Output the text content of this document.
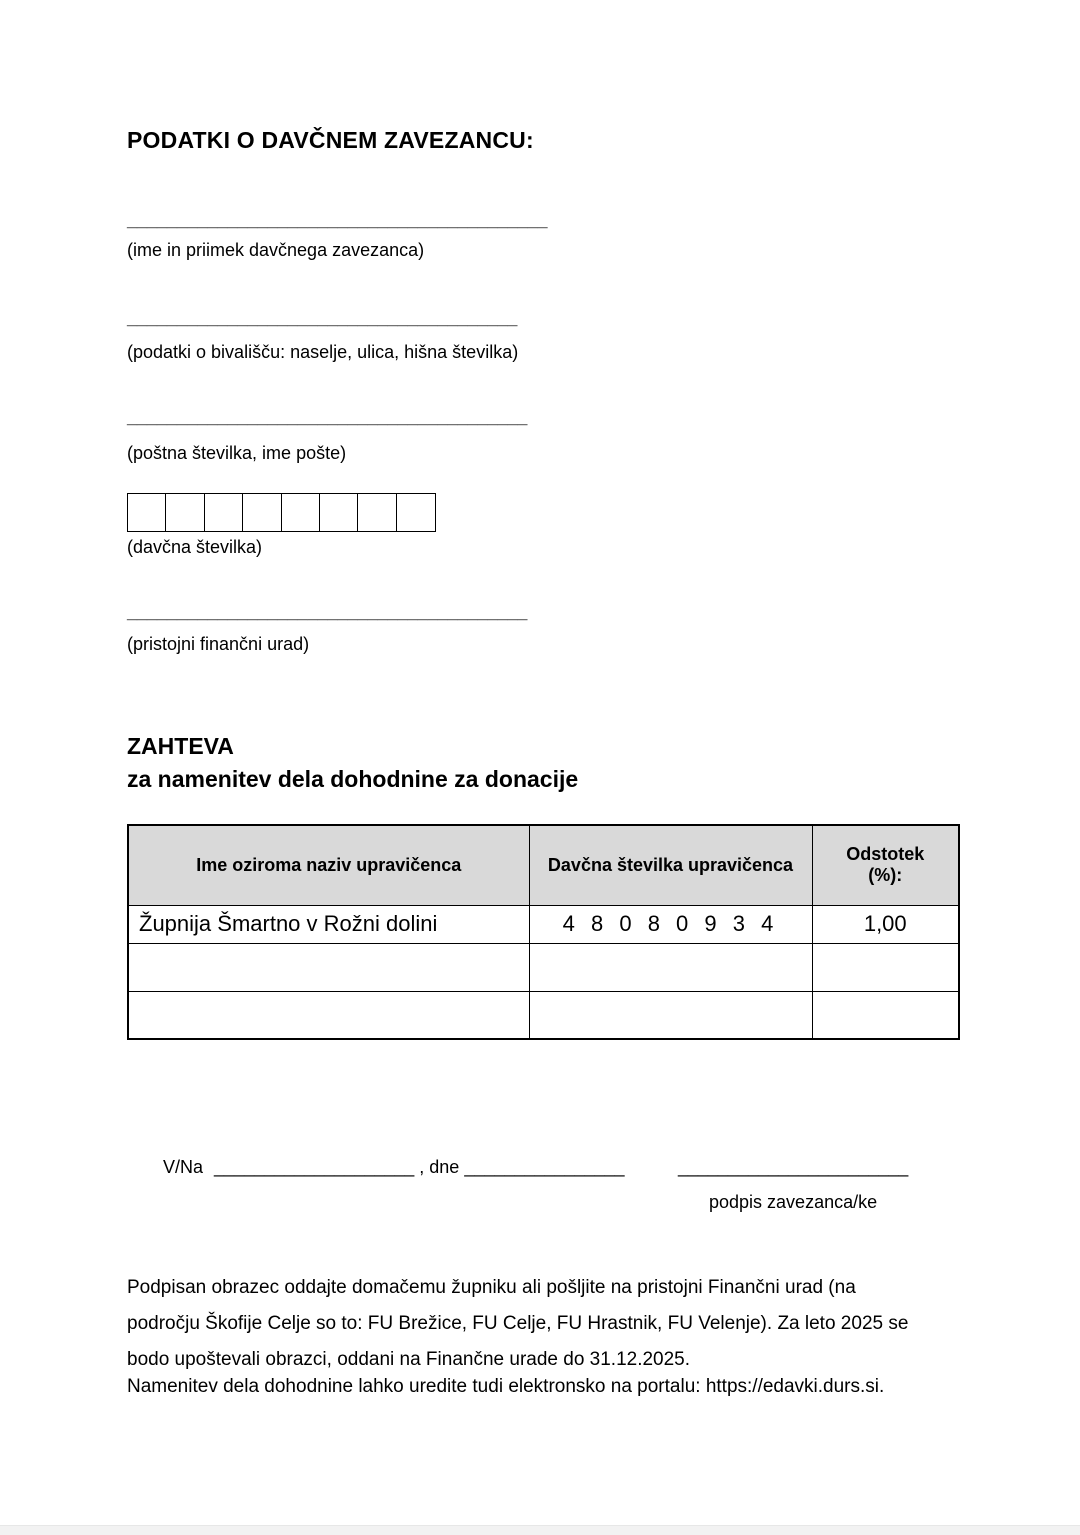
PODATKI O DAVČNEM ZAVEZANCU:
__________________________________________
(ime in priimek davčnega zavezanca)
_______________________________________
(podatki o bivališču: naselje, ulica, hišna številka)
________________________________________
(poštna številka, ime pošte)
(davčna številka)
________________________________________
(pristojni finančni urad)
ZAHTEVA
za namenitev dela dohodnine za donacije
Ime oziroma naziv upravičenca	Davčna številka upravičenca	Odstotek
(%):

Župnija Šmartno v Rožni dolini	4 8 0 8 0 9 3 4	1,00

V/Na ____________________ , dne ________________	_______________________
podpis zavezanca/ke
Podpisan obrazec oddajte domačemu župniku ali pošljite na pristojni Finančni urad (na
področju Škofije Celje so to: FU Brežice, FU Celje, FU Hrastnik, FU Velenje). Za leto 2025 se
bodo upoštevali obrazci, oddani na Finančne urade do 31.12.2025.
Namenitev dela dohodnine lahko uredite tudi elektronsko na portalu: https://edavki.durs.si.
